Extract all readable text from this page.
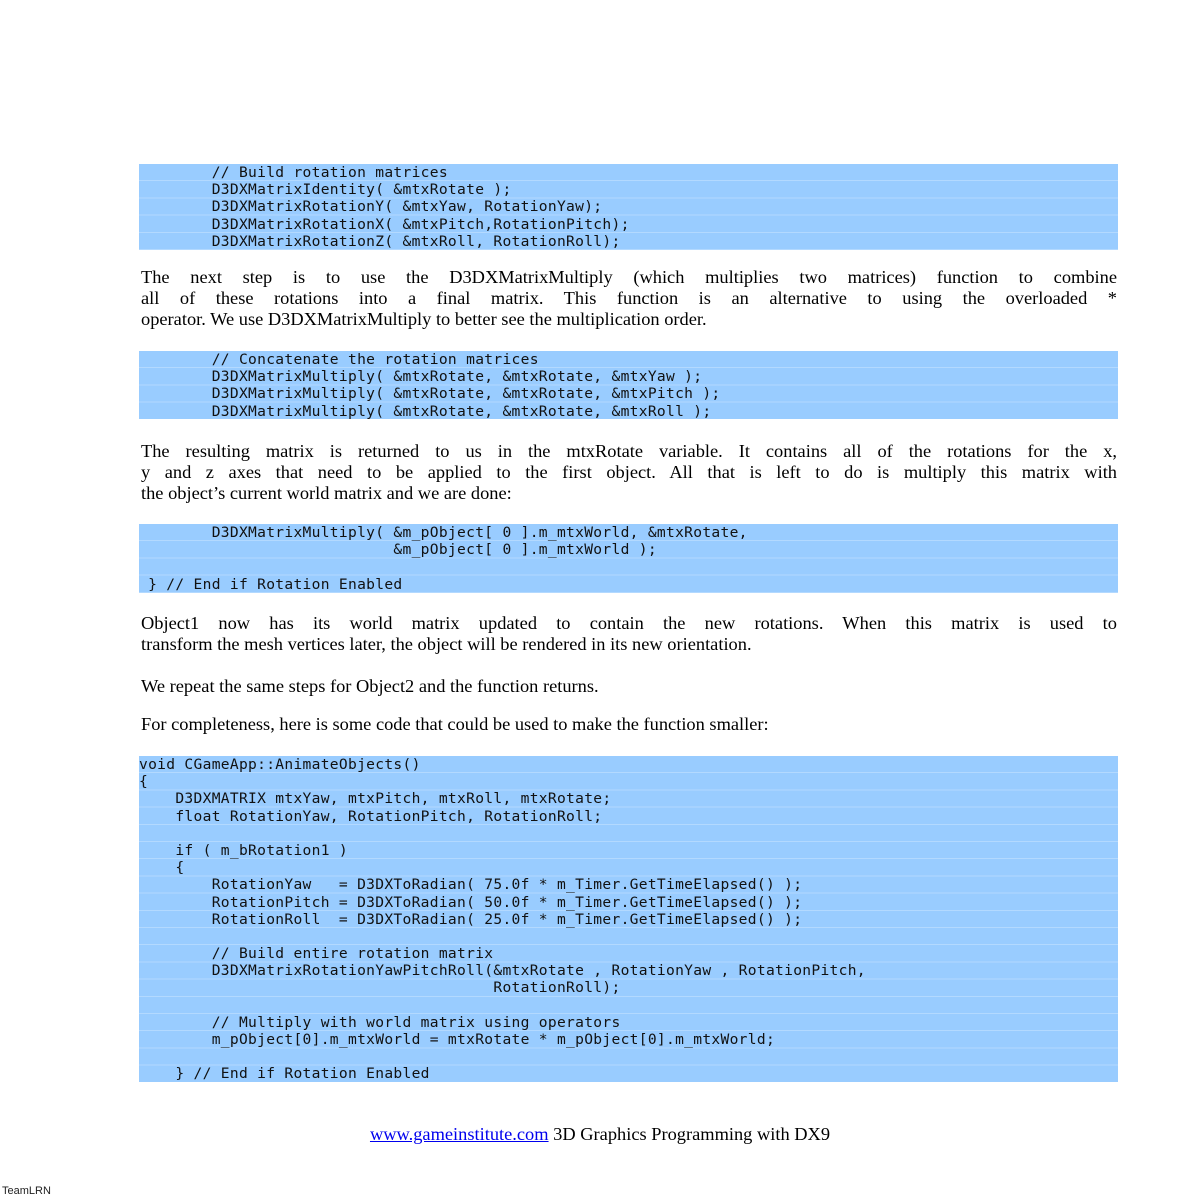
// Build rotation matrices
D3DXMatrixIdentity( &mtxRotate );
D3DXMatrixRotationY( &mtxYaw, RotationYaw);
D3DXMatrixRotationX( &mtxPitch,RotationPitch);
D3DXMatrixRotationZ( &mtxRoll, RotationRoll);

The next step is to use the D3DXMatrixMultiply (which multiplies two matrices) function to combine
all of these rotations into a final matrix. This function is an alternative to using the overloaded *
operator. We use D3DXMatrixMultiply to better see the multiplication order.

// Concatenate the rotation matrices
D3DXMatrixMultiply( &mtxRotate, &mtxRotate, &mtxYaw );
D3DXMatrixMultiply( &mtxRotate, &mtxRotate, &mtxPitch );
D3DXMatrixMultiply( &mtxRotate, &mtxRotate, &mtxRoll );

The resulting matrix is returned to us in the mtxRotate variable. It contains all of the rotations for the x,
y and z axes that need to be applied to the first object. All that is left to do is multiply this matrix with
the object’s current world matrix and we are done:

D3DXMatrixMultiply( &m_pObject[ 0 ].m_mtxWorld, &mtxRotate,
&m_pObject[ 0 ].m_mtxWorld );
} // End if Rotation Enabled

Object1 now has its world matrix updated to contain the new rotations. When this matrix is used to
transform the mesh vertices later, the object will be rendered in its new orientation.

We repeat the same steps for Object2 and the function returns.

For completeness, here is some code that could be used to make the function smaller:

void CGameApp::AnimateObjects()
{
D3DXMATRIX mtxYaw, mtxPitch, mtxRoll, mtxRotate;
float RotationYaw, RotationPitch, RotationRoll;
if ( m_bRotation1 )
{
RotationYaw   = D3DXToRadian( 75.0f * m_Timer.GetTimeElapsed() );
RotationPitch = D3DXToRadian( 50.0f * m_Timer.GetTimeElapsed() );
RotationRoll  = D3DXToRadian( 25.0f * m_Timer.GetTimeElapsed() );
// Build entire rotation matrix
D3DXMatrixRotationYawPitchRoll(&mtxRotate , RotationYaw , RotationPitch,
RotationRoll);
// Multiply with world matrix using operators
m_pObject[0].m_mtxWorld = mtxRotate * m_pObject[0].m_mtxWorld;
} // End if Rotation Enabled
www.gameinstitute.com 3D Graphics Programming with DX9
TeamLRN
